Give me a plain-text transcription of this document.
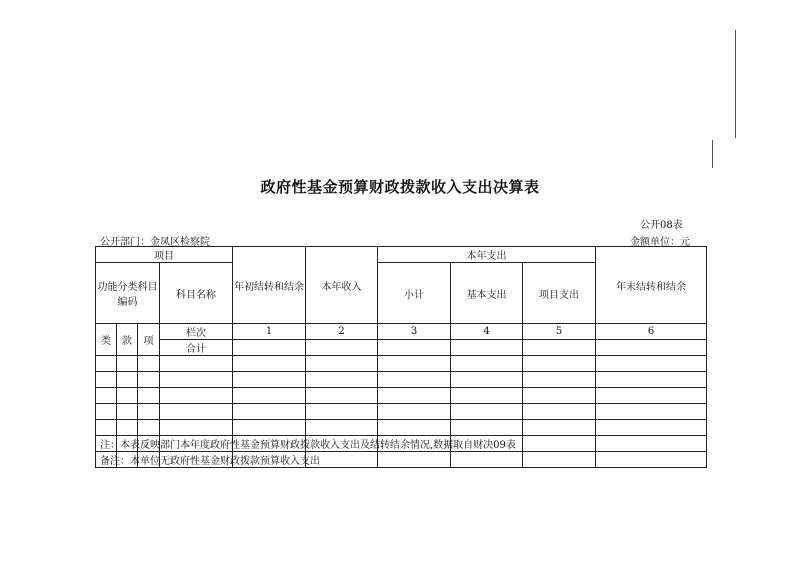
政府性基金预算财政拨款收入支出决算表
公开08表
公开部门：金凤区检察院	金额单位：元
项目				年初结转和结余	本年收入	本年支出			年末结转和结余
功能分类科目编码			科目名称			小计	基本支出	项目支出	

类	款	项	栏次	1	2	3	4	5	6
			合计						

注：本表反映部门本年度政府性基金预算财政拨款收入支出及结转结余情况,数据取自财决09表
备注：本单位无政府性基金财政拨款预算收入支出
